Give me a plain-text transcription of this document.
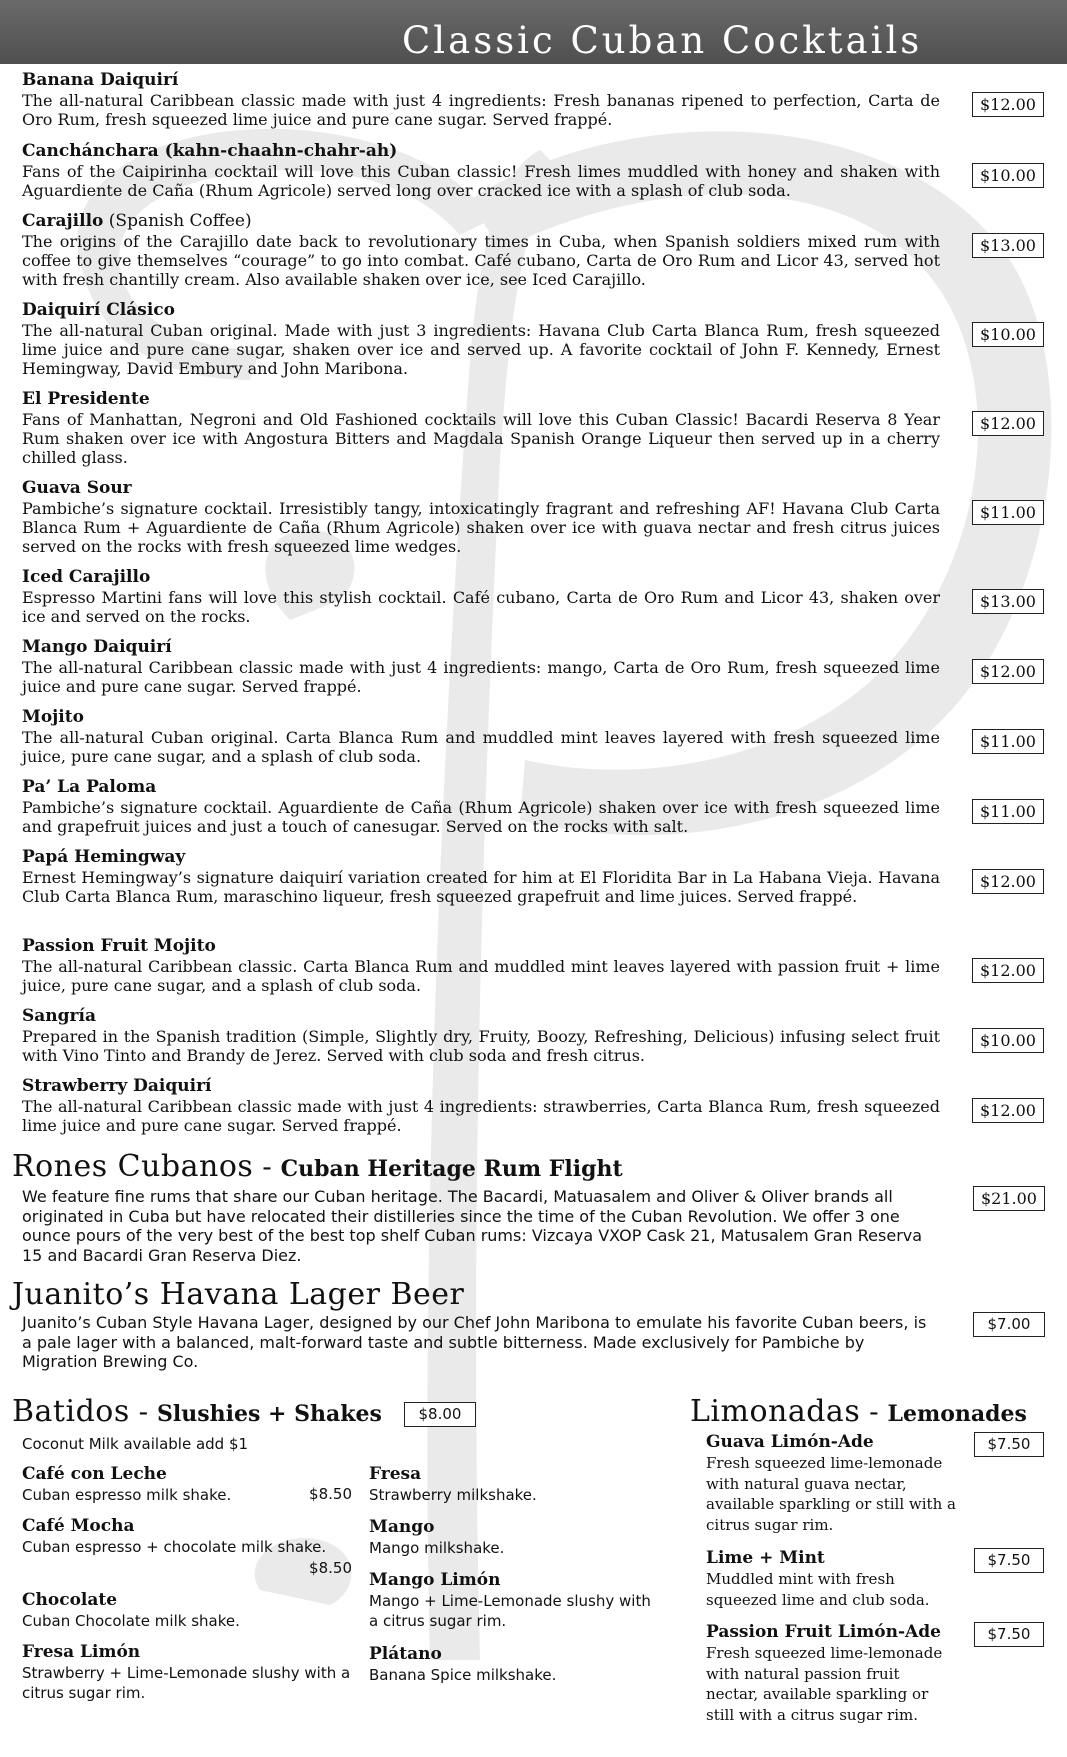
Classic Cuban Cocktails
Banana Daiquirí
The all-natural Caribbean classic made with just 4 ingredients: Fresh bananas ripened to perfection, Carta de Oro Rum, fresh squeezed lime juice and pure cane sugar. Served frappé.
$12.00
Canchánchara (kahn-chaahn-chahr-ah)
Fans of the Caipirinha cocktail will love this Cuban classic! Fresh limes muddled with honey and shaken with Aguardiente de Caña (Rhum Agricole) served long over cracked ice with a splash of club soda.
$10.00
Carajillo (Spanish Coffee)
The origins of the Carajillo date back to revolutionary times in Cuba, when Spanish soldiers mixed rum with coffee to give themselves “courage” to go into combat. Café cubano, Carta de Oro Rum and Licor 43, served hot with fresh chantilly cream. Also available shaken over ice, see Iced Carajillo.
$13.00
Daiquirí Clásico
The all-natural Cuban original. Made with just 3 ingredients: Havana Club Carta Blanca Rum, fresh squeezed lime juice and pure cane sugar, shaken over ice and served up. A favorite cocktail of John F. Kennedy, Ernest Hemingway, David Embury and John Maribona.
$10.00
El Presidente
Fans of Manhattan, Negroni and Old Fashioned cocktails will love this Cuban Classic! Bacardi Reserva 8 Year Rum shaken over ice with Angostura Bitters and Magdala Spanish Orange Liqueur then served up in a cherry chilled glass.
$12.00
Guava Sour
Pambiche’s signature cocktail. Irresistibly tangy, intoxicatingly fragrant and refreshing AF! Havana Club Carta Blanca Rum + Aguardiente de Caña (Rhum Agricole) shaken over ice with guava nectar and fresh citrus juices served on the rocks with fresh squeezed lime wedges.
$11.00
Iced Carajillo
Espresso Martini fans will love this stylish cocktail. Café cubano, Carta de Oro Rum and Licor 43, shaken over ice and served on the rocks.
$13.00
Mango Daiquirí
The all-natural Caribbean classic made with just 4 ingredients: mango, Carta de Oro Rum, fresh squeezed lime juice and pure cane sugar. Served frappé.
$12.00
Mojito
The all-natural Cuban original. Carta Blanca Rum and muddled mint leaves layered with fresh squeezed lime juice, pure cane sugar, and a splash of club soda.
$11.00
Pa’ La Paloma
Pambiche’s signature cocktail. Aguardiente de Caña (Rhum Agricole) shaken over ice with fresh squeezed lime and grapefruit juices and just a touch of canesugar. Served on the rocks with salt.
$11.00
Papá Hemingway
Ernest Hemingway’s signature daiquirí variation created for him at El Floridita Bar in La Habana Vieja. Havana Club Carta Blanca Rum, maraschino liqueur, fresh squeezed grapefruit and lime juices. Served frappé.
$12.00
Passion Fruit Mojito
The all-natural Caribbean classic. Carta Blanca Rum and muddled mint leaves layered with passion fruit + lime juice, pure cane sugar, and a splash of club soda.
$12.00
Sangría
Prepared in the Spanish tradition (Simple, Slightly dry, Fruity, Boozy, Refreshing, Delicious) infusing select fruit with Vino Tinto and Brandy de Jerez. Served with club soda and fresh citrus.
$10.00
Strawberry Daiquirí
The all-natural Caribbean classic made with just 4 ingredients: strawberries, Carta Blanca Rum, fresh squeezed lime juice and pure cane sugar. Served frappé.
$12.00
Rones Cubanos - Cuban Heritage Rum Flight
We feature fine rums that share our Cuban heritage. The Bacardi, Matuasalem and Oliver & Oliver brands all originated in Cuba but have relocated their distilleries since the time of the Cuban Revolution. We offer 3 one ounce pours of the very best of the best top shelf Cuban rums: Vizcaya VXOP Cask 21, Matusalem Gran Reserva 15 and Bacardi Gran Reserva Diez.
$21.00
Juanito’s Havana Lager Beer
Juanito’s Cuban Style Havana Lager, designed by our Chef John Maribona to emulate his favorite Cuban beers, is a pale lager with a balanced, malt-forward taste and subtle bitterness. Made exclusively for Pambiche by Migration Brewing Co.
$7.00
Batidos - Slushies + Shakes	$8.00
Coconut Milk available add $1
Café con Leche
Cuban espresso milk shake.	$8.50
Café Mocha
Cuban espresso + chocolate milk shake.
$8.50
Chocolate
Cuban Chocolate milk shake.
Fresa Limón
Strawberry + Lime-Lemonade slushy with a citrus sugar rim.
Fresa
Strawberry milkshake.
Mango
Mango milkshake.
Mango Limón
Mango + Lime-Lemonade slushy with a citrus sugar rim.
Plátano
Banana Spice milkshake.
Limonadas - Lemonades
Guava Limón-Ade
Fresh squeezed lime-lemonade with natural guava nectar, available sparkling or still with a citrus sugar rim.
$7.50
Lime + Mint
Muddled mint with fresh squeezed lime and club soda.
$7.50
Passion Fruit Limón-Ade
Fresh squeezed lime-lemonade with natural passion fruit nectar, available sparkling or still with a citrus sugar rim.
$7.50
